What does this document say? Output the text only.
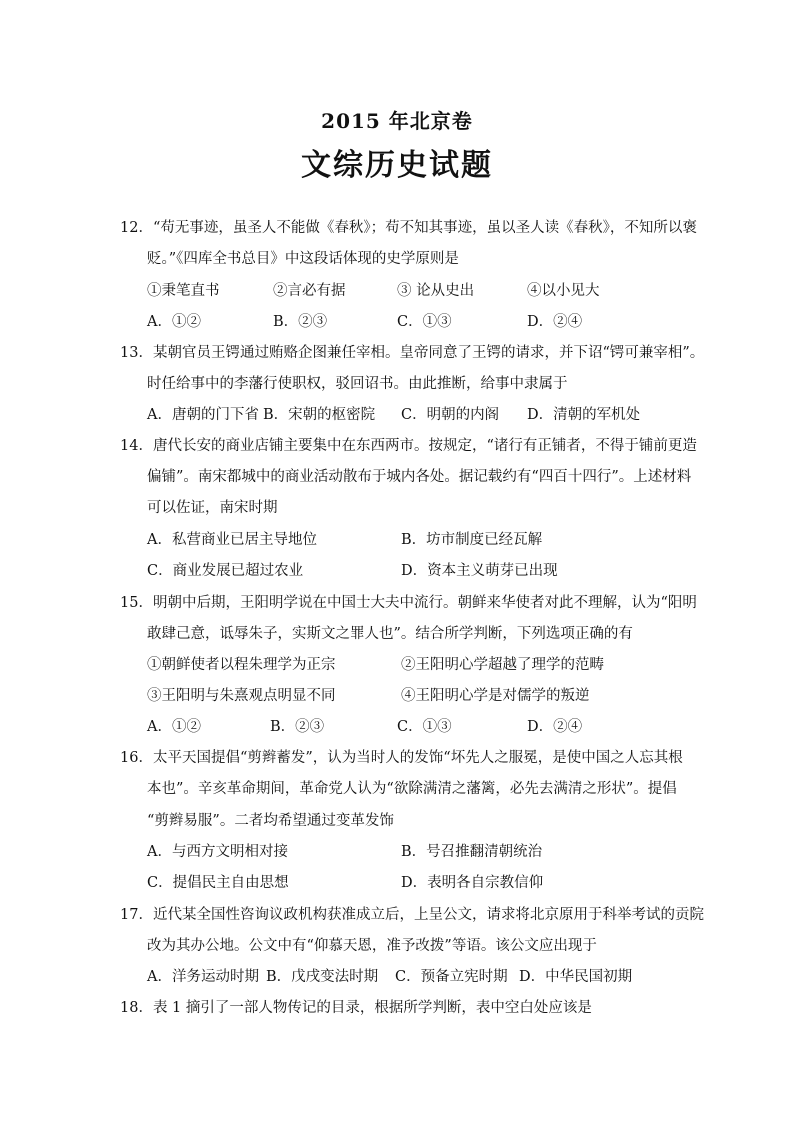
2015 年北京卷
文综历史试题
12．“苟无事迹，虽圣人不能做《春秋》；苟不知其事迹，虽以圣人读《春秋》，不知所以褒
贬。”《四库全书总目》中这段话体现的史学原则是
①秉笔直书	②言必有据	③ 论从史出	④以小见大
A．①②	B．②③	C．①③	D．②④
13．某朝官员王锷通过贿赂企图兼任宰相。皇帝同意了王锷的请求，并下诏“锷可兼宰相”。
时任给事中的李藩行使职权，驳回诏书。由此推断，给事中隶属于
A．唐朝的门下省 B．宋朝的枢密院 C．明朝的内阁 D．清朝的军机处
14．唐代长安的商业店铺主要集中在东西两市。按规定，“诸行有正铺者，不得于铺前更造
偏铺”。南宋都城中的商业活动散布于城内各处。据记载约有“四百十四行”。上述材料
可以佐证，南宋时期
A．私营商业已居主导地位	B．坊市制度已经瓦解
C．商业发展已超过农业	D．资本主义萌芽已出现
15．明朝中后期，王阳明学说在中国士大夫中流行。朝鲜来华使者对此不理解，认为“阳明
敢肆己意，诋辱朱子，实斯文之罪人也”。结合所学判断，下列选项正确的有
①朝鲜使者以程朱理学为正宗	②王阳明心学超越了理学的范畴
③王阳明与朱熹观点明显不同	④王阳明心学是对儒学的叛逆
A．①②	B．②③	C．①③	D．②④
16．太平天国提倡“剪辫蓄发”，认为当时人的发饰“坏先人之服冕，是使中国之人忘其根
本也”。辛亥革命期间，革命党人认为“欲除满清之藩篱，必先去满清之形状”。提倡
“剪辫易服”。二者均希望通过变革发饰
A．与西方文明相对接	B．号召推翻清朝统治
C．提倡民主自由思想	D．表明各自宗教信仰
17．近代某全国性咨询议政机构获准成立后，上呈公文，请求将北京原用于科举考试的贡院
改为其办公地。公文中有“仰慕天恩，准予改拨”等语。该公文应出现于
A．洋务运动时期 B．戊戌变法时期 C．预备立宪时期 D．中华民国初期
18．表 1 摘引了一部人物传记的目录，根据所学判断，表中空白处应该是
